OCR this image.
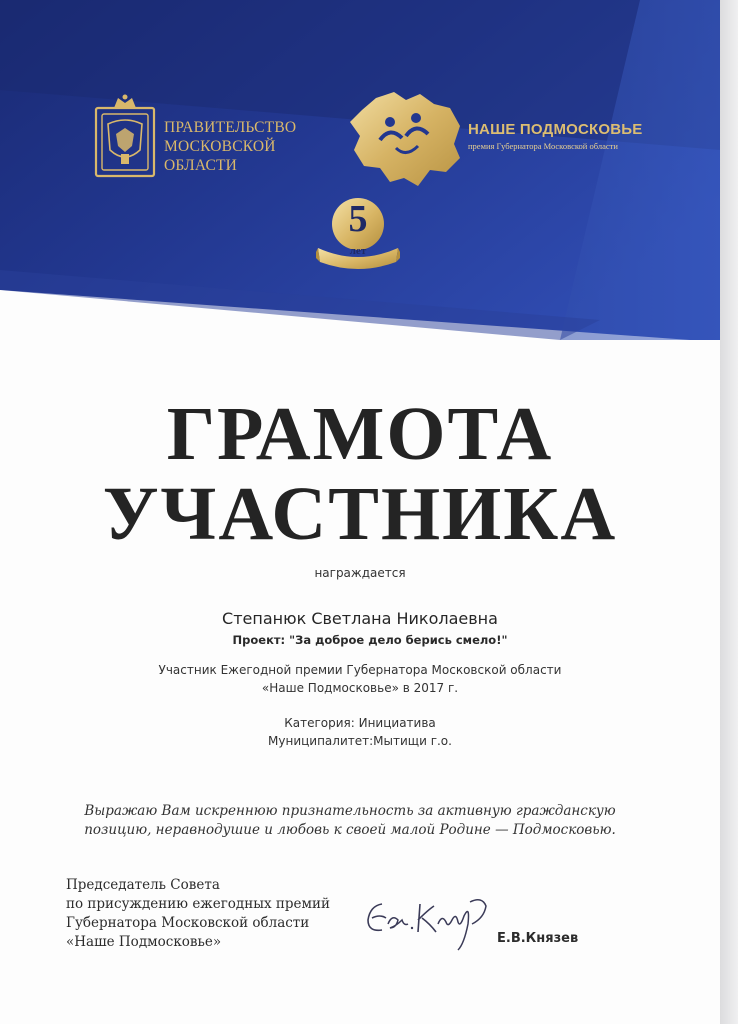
ПРАВИТЕЛЬСТВО
МОСКОВСКОЙ
ОБЛАСТИ
НАШЕ ПОДМОСКОВЬЕ
премия Губернатора Московской области
5
лет
ГРАМОТА
УЧАСТНИКА
награждается
Степанюк Светлана Николаевна
Проект: "За доброе дело берись смело!"
Участник Ежегодной премии Губернатора Московской области
«Наше Подмосковье» в 2017 г.
Категория: Инициатива
Муниципалитет:Мытищи г.о.
Выражаю Вам искреннюю признательность за активную гражданскую
позицию, неравнодушие и любовь к своей малой Родине — Подмосковью.
Председатель Совета
по присуждению ежегодных премий
Губернатора Московской области
«Наше Подмосковье»	Е.В.Князев
